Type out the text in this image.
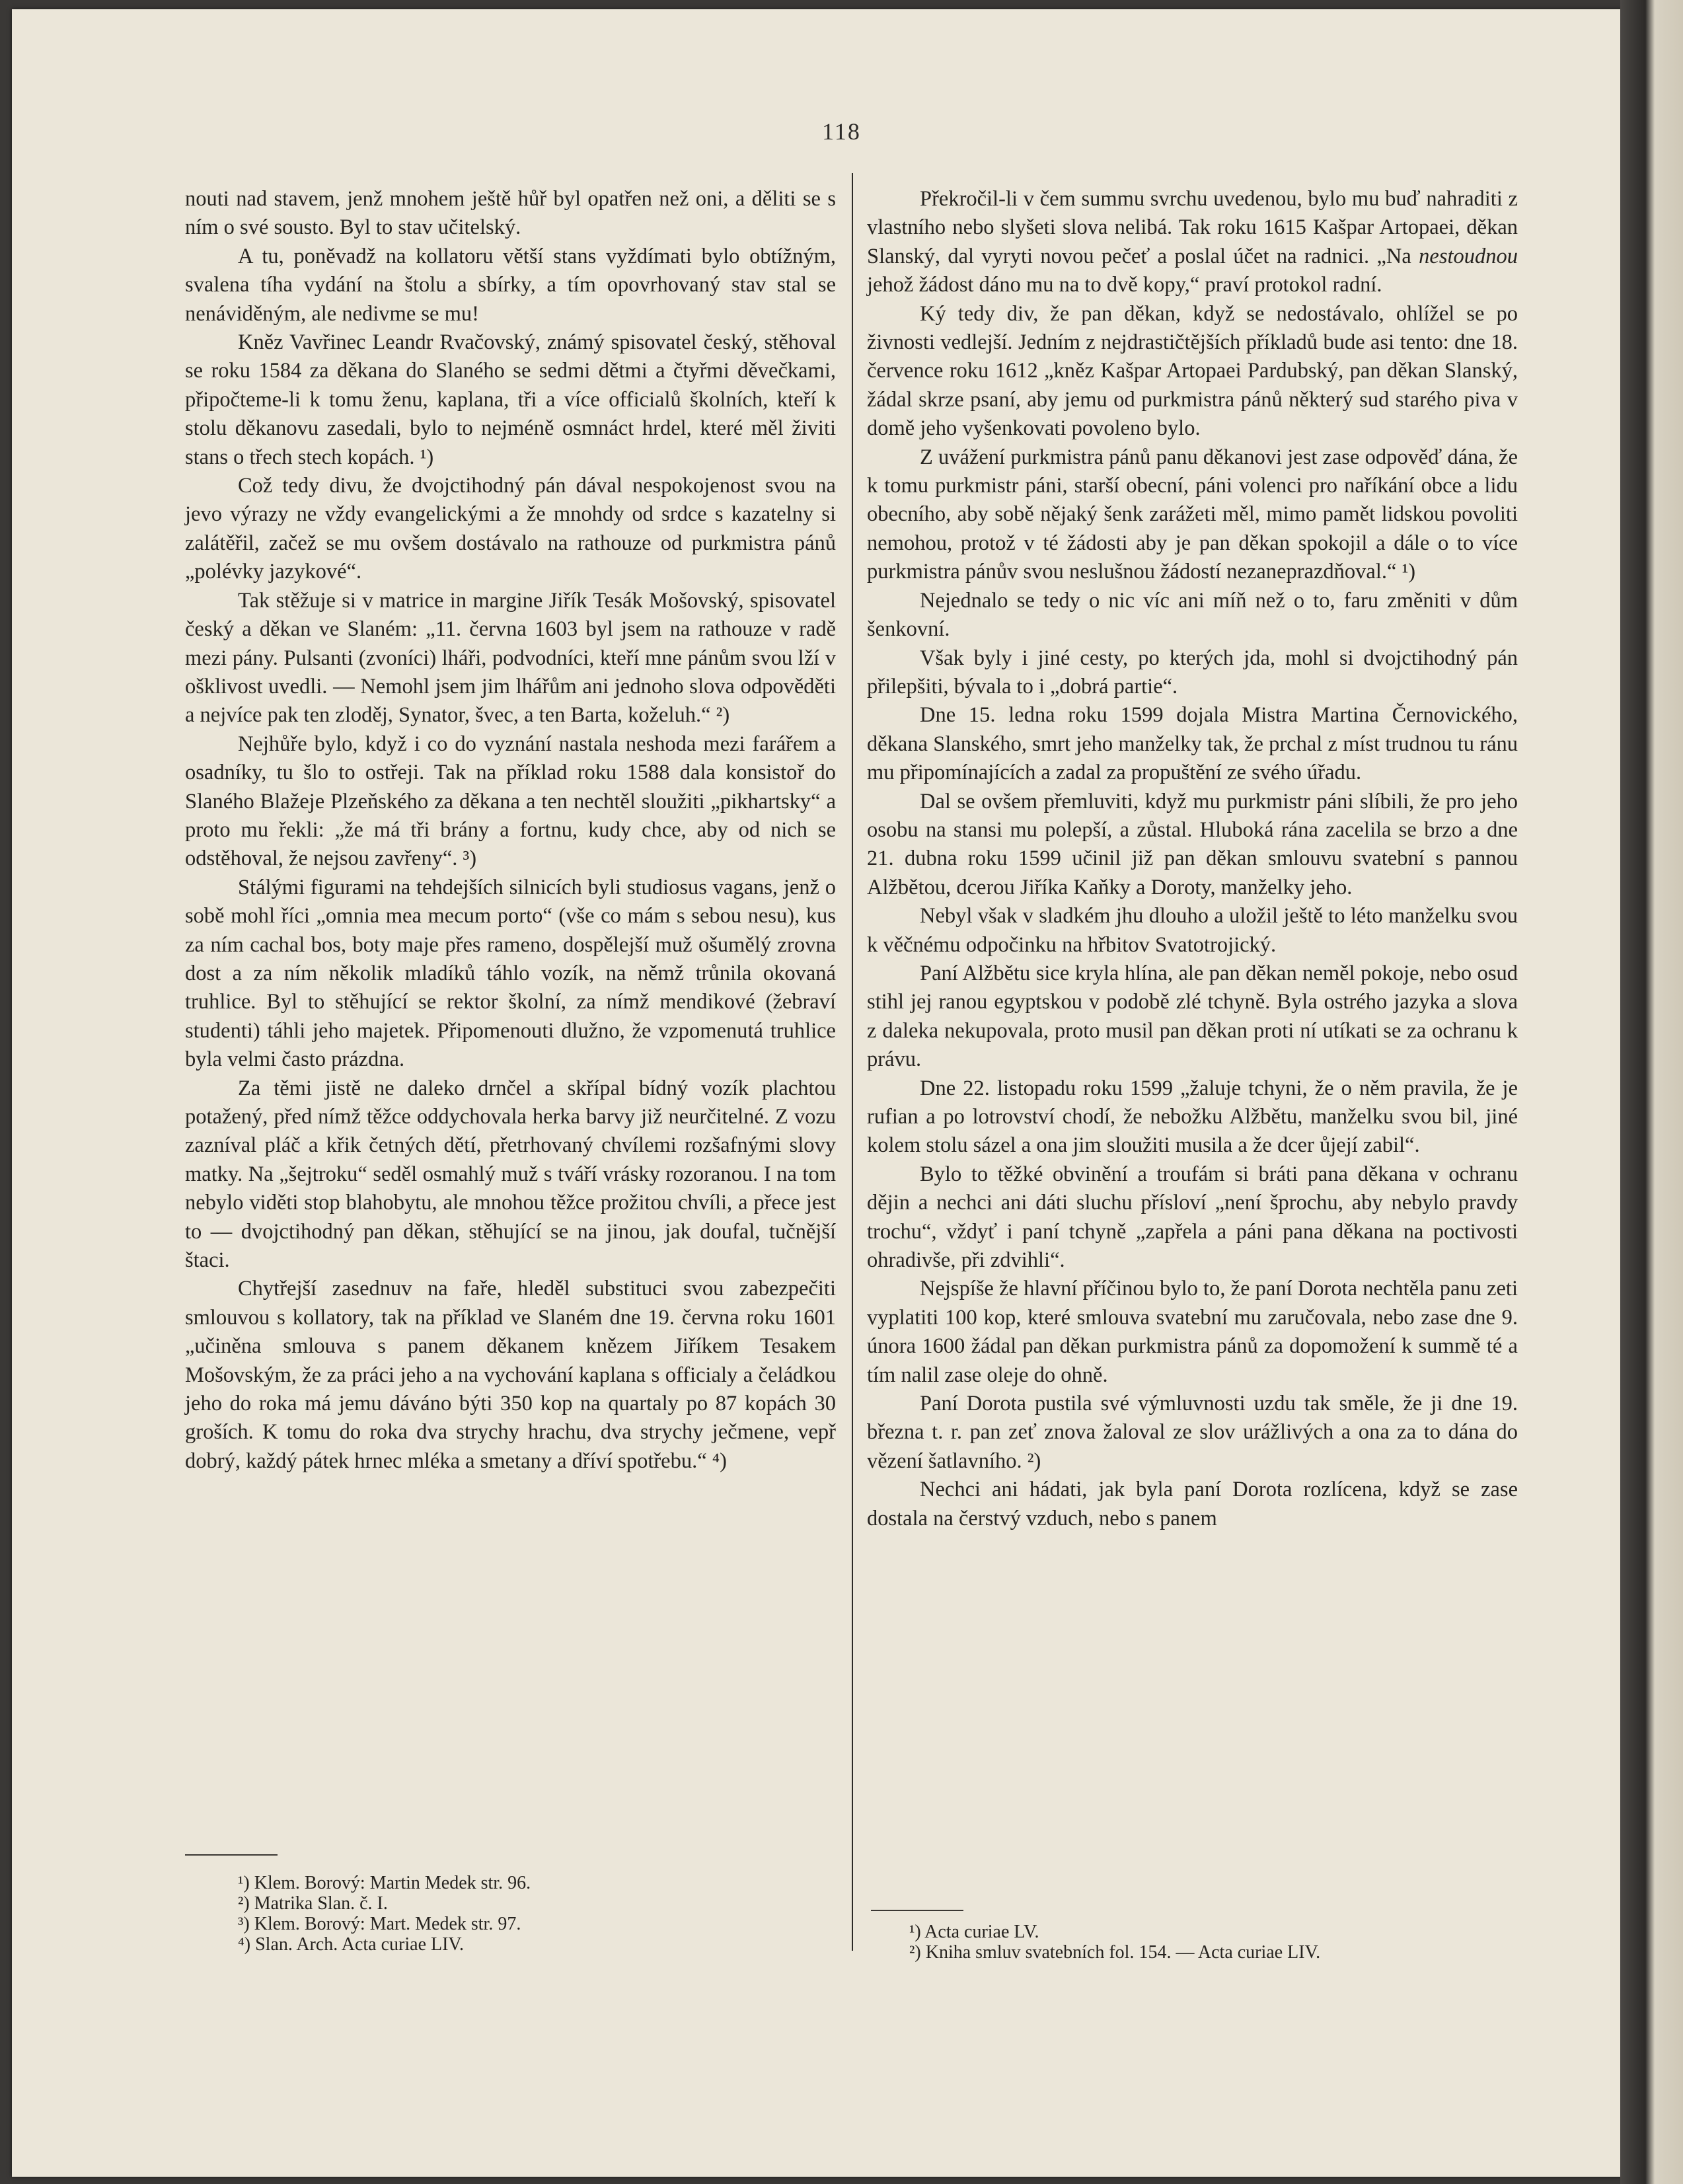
118

nouti nad stavem, jenž mnohem ještě hůř byl opatřen než oni, a děliti se s ním o své sousto. Byl to stav učitelský.

A tu, poněvadž na kollatoru větší stans vyždímati bylo obtížným, svalena tíha vydání na štolu a sbírky, a tím opovrhovaný stav stal se nenáviděným, ale nedivme se mu!

Kněz Vavřinec Leandr Rvačovský, známý spisovatel český, stěhoval se roku 1584 za děkana do Slaného se sedmi dětmi a čtyřmi děvečkami, připočteme-li k tomu ženu, kaplana, tři a více officialů školních, kteří k stolu děkanovu zasedali, bylo to nejméně osmnáct hrdel, které měl živiti stans o třech stech kopách. ¹)

Což tedy divu, že dvojctihodný pán dával nespokojenost svou na jevo výrazy ne vždy evangelickými a že mnohdy od srdce s kazatelny si zalátěřil, začež se mu ovšem dostávalo na rathouze od purkmistra pánů „polévky jazykové“.

Tak stěžuje si v matrice in margine Jiřík Tesák Mošovský, spisovatel český a děkan ve Slaném: „11. června 1603 byl jsem na rathouze v radě mezi pány. Pulsanti (zvoníci) lháři, podvodníci, kteří mne pánům svou lží v ošklivost uvedli. — Nemohl jsem jim lhářům ani jednoho slova odpověděti a nejvíce pak ten zloděj, Synator, švec, a ten Barta, koželuh.“ ²)

Nejhůře bylo, když i co do vyznání nastala neshoda mezi farářem a osadníky, tu šlo to ostřeji. Tak na příklad roku 1588 dala konsistoř do Slaného Blažeje Plzeňského za děkana a ten nechtěl sloužiti „pikhartsky“ a proto mu řekli: „že má tři brány a fortnu, kudy chce, aby od nich se odstěhoval, že nejsou zavřeny“. ³)

Stálými figurami na tehdejších silnicích byli studiosus vagans, jenž o sobě mohl říci „omnia mea mecum porto“ (vše co mám s sebou nesu), kus za ním cachal bos, boty maje přes rameno, dospělejší muž ošumělý zrovna dost a za ním několik mladíků táhlo vozík, na němž trůnila okovaná truhlice. Byl to stěhující se rektor školní, za nímž mendikové (žebraví studenti) táhli jeho majetek. Připomenouti dlužno, že vzpomenutá truhlice byla velmi často prázdna.

Za těmi jistě ne daleko drnčel a skřípal bídný vozík plachtou potažený, před nímž těžce oddychovala herka barvy již neurčitelné. Z vozu zazníval pláč a křik četných dětí, přetrhovaný chvílemi rozšafnými slovy matky. Na „šejtroku“ seděl osmahlý muž s tváří vrásky rozoranou. I na tom nebylo viděti stop blahobytu, ale mnohou těžce prožitou chvíli, a přece jest to — dvojctihodný pan děkan, stěhující se na jinou, jak doufal, tučnější štaci.

Chytřejší zasednuv na faře, hleděl substituci svou zabezpečiti smlouvou s kollatory, tak na příklad ve Slaném dne 19. června roku 1601 „učiněna smlouva s panem děkanem knězem Jiříkem Tesakem Mošovským, že za práci jeho a na vychování kaplana s officialy a čeládkou jeho do roka má jemu dáváno býti 350 kop na quartaly po 87 kopách 30 groších. K tomu do roka dva strychy hrachu, dva strychy ječmene, vepř dobrý, každý pátek hrnec mléka a smetany a dříví spotřebu.“ ⁴)

Překročil-li v čem summu svrchu uvedenou, bylo mu buď nahraditi z vlastního nebo slyšeti slova nelibá. Tak roku 1615 Kašpar Artopaei, děkan Slanský, dal vyryti novou pečeť a poslal účet na radnici. „Na nestoudnou jehož žádost dáno mu na to dvě kopy,“ praví protokol radní.

Ký tedy div, že pan děkan, když se nedostávalo, ohlížel se po živnosti vedlejší. Jedním z nejdrastičtějších příkladů bude asi tento: dne 18. července roku 1612 „kněz Kašpar Artopaei Pardubský, pan děkan Slanský, žádal skrze psaní, aby jemu od purkmistra pánů některý sud starého piva v domě jeho vyšenkovati povoleno bylo.

Z uvážení purkmistra pánů panu děkanovi jest zase odpověď dána, že k tomu purkmistr páni, starší obecní, páni volenci pro naříkání obce a lidu obecního, aby sobě nějaký šenk zarážeti měl, mimo pamět lidskou povoliti nemohou, protož v té žádosti aby je pan děkan spokojil a dále o to více purkmistra pánův svou neslušnou žádostí nezaneprazdňoval.“ ¹)

Nejednalo se tedy o nic víc ani míň než o to, faru změniti v dům šenkovní.

Však byly i jiné cesty, po kterých jda, mohl si dvojctihodný pán přilepšiti, bývala to i „dobrá partie“.

Dne 15. ledna roku 1599 dojala Mistra Martina Černovického, děkana Slanského, smrt jeho manželky tak, že prchal z míst trudnou tu ránu mu připomínajících a zadal za propuštění ze svého úřadu.

Dal se ovšem přemluviti, když mu purkmistr páni slíbili, že pro jeho osobu na stansi mu polepší, a zůstal. Hluboká rána zacelila se brzo a dne 21. dubna roku 1599 učinil již pan děkan smlouvu svatební s pannou Alžbětou, dcerou Jiříka Kaňky a Doroty, manželky jeho.

Nebyl však v sladkém jhu dlouho a uložil ještě to léto manželku svou k věčnému odpočinku na hřbitov Svatotrojický.

Paní Alžbětu sice kryla hlína, ale pan děkan neměl pokoje, nebo osud stihl jej ranou egyptskou v podobě zlé tchyně. Byla ostrého jazyka a slova z daleka nekupovala, proto musil pan děkan proti ní utíkati se za ochranu k právu.

Dne 22. listopadu roku 1599 „žaluje tchyni, že o něm pravila, že je rufian a po lotrovství chodí, že nebožku Alžbětu, manželku svou bil, jiné kolem stolu sázel a ona jim sloužiti musila a že dcer ůjejí zabil“.

Bylo to těžké obvinění a troufám si bráti pana děkana v ochranu dějin a nechci ani dáti sluchu přísloví „není šprochu, aby nebylo pravdy trochu“, vždyť i paní tchyně „zapřela a páni pana děkana na poctivosti ohradivše, při zdvihli“.

Nejspíše že hlavní příčinou bylo to, že paní Dorota nechtěla panu zeti vyplatiti 100 kop, které smlouva svatební mu zaručovala, nebo zase dne 9. února 1600 žádal pan děkan purkmistra pánů za dopomožení k summě té a tím nalil zase oleje do ohně.

Paní Dorota pustila své výmluvnosti uzdu tak směle, že ji dne 19. března t. r. pan zeť znova žaloval ze slov urážlivých a ona za to dána do vězení šatlavního. ²)

Nechci ani hádati, jak byla paní Dorota rozlícena, když se zase dostala na čerstvý vzduch, nebo s panem

¹) Klem. Borový: Martin Medek str. 96.

²) Matrika Slan. č. I.

³) Klem. Borový: Mart. Medek str. 97.

⁴) Slan. Arch. Acta curiae LIV.

¹) Acta curiae LV.

²) Kniha smluv svatebních fol. 154. — Acta curiae LIV.
